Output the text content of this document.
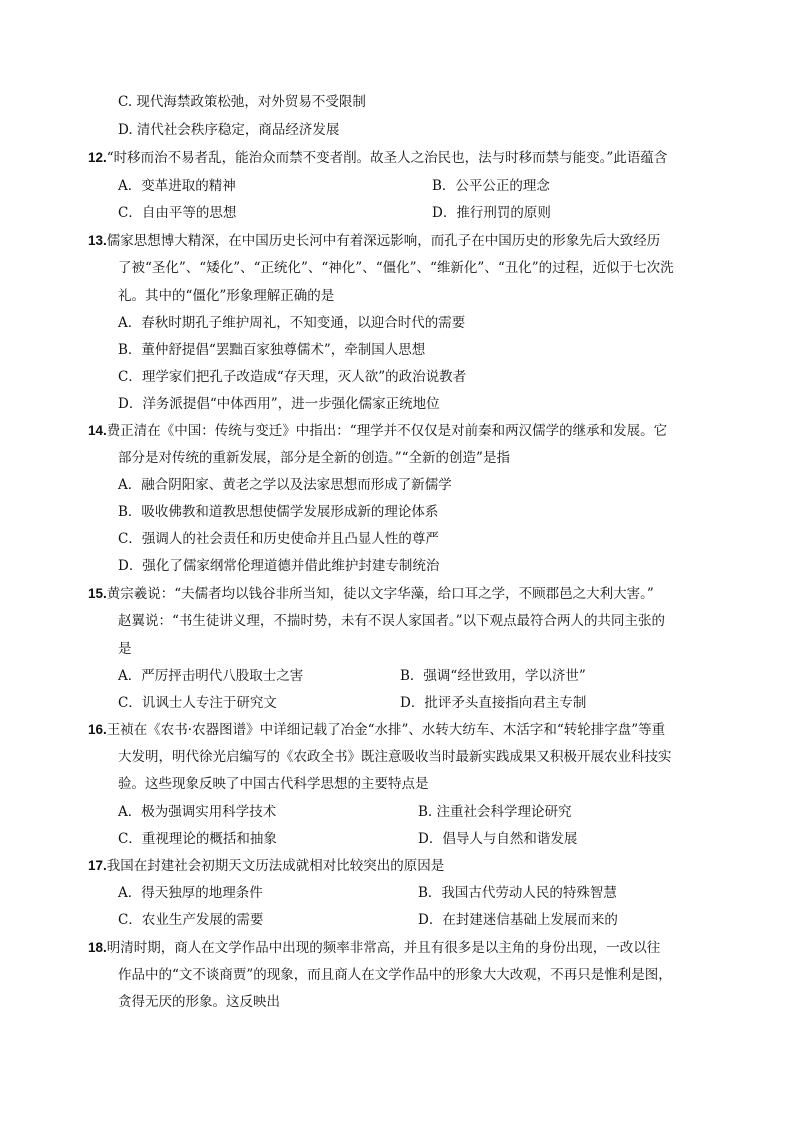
C. 现代海禁政策松弛，对外贸易不受限制
D. 清代社会秩序稳定，商品经济发展
12.“时移而治不易者乱，能治众而禁不变者削。故圣人之治民也，法与时移而禁与能变。”此语蕴含
A．变革进取的精神	B．公平公正的理念
C．自由平等的思想	D．推行刑罚的原则
13.儒家思想博大精深，在中国历史长河中有着深远影响，而孔子在中国历史的形象先后大致经历
了被“圣化”、“矮化”、“正统化”、“神化”、“僵化”、“维新化”、“丑化”的过程，近似于七次洗
礼。其中的“僵化”形象理解正确的是
A．春秋时期孔子维护周礼，不知变通，以迎合时代的需要
B．董仲舒提倡“罢黜百家独尊儒术”，牵制国人思想
C．理学家们把孔子改造成“存天理，灭人欲”的政治说教者
D．洋务派提倡“中体西用”，进一步强化儒家正统地位
14.费正清在《中国：传统与变迁》中指出：“理学并不仅仅是对前秦和两汉儒学的继承和发展。它
部分是对传统的重新发展，部分是全新的创造。”“全新的创造”是指
A．融合阴阳家、黄老之学以及法家思想而形成了新儒学
B．吸收佛教和道教思想使儒学发展形成新的理论体系
C．强调人的社会责任和历史使命并且凸显人性的尊严
D．强化了儒家纲常伦理道德并借此维护封建专制统治
15.黄宗羲说：“夫儒者均以钱谷非所当知，徒以文字华藻，给口耳之学，不顾郡邑之大利大害。”
赵翼说：“书生徒讲义理，不揣时势，未有不误人家国者。”以下观点最符合两人的共同主张的
是
A．严厉抨击明代八股取士之害	B．强调“经世致用，学以济世”
C．讥讽士人专注于研究文	D．批评矛头直接指向君主专制
16.王祯在《农书·农器图谱》中详细记载了冶金“水排”、水转大纺车、木活字和“转轮排字盘”等重
大发明，明代徐光启编写的《农政全书》既注意吸收当时最新实践成果又积极开展农业科技实
验。这些现象反映了中国古代科学思想的主要特点是
A．极为强调实用科学技术	B. 注重社会科学理论研究
C．重视理论的概括和抽象	D．倡导人与自然和谐发展
17.我国在封建社会初期天文历法成就相对比较突出的原因是
A．得天独厚的地理条件	B．我国古代劳动人民的特殊智慧
C．农业生产发展的需要	D．在封建迷信基础上发展而来的
18.明清时期，商人在文学作品中出现的频率非常高，并且有很多是以主角的身份出现，一改以往
作品中的“文不谈商贾”的现象，而且商人在文学作品中的形象大大改观，不再只是惟利是图，
贪得无厌的形象。这反映出
